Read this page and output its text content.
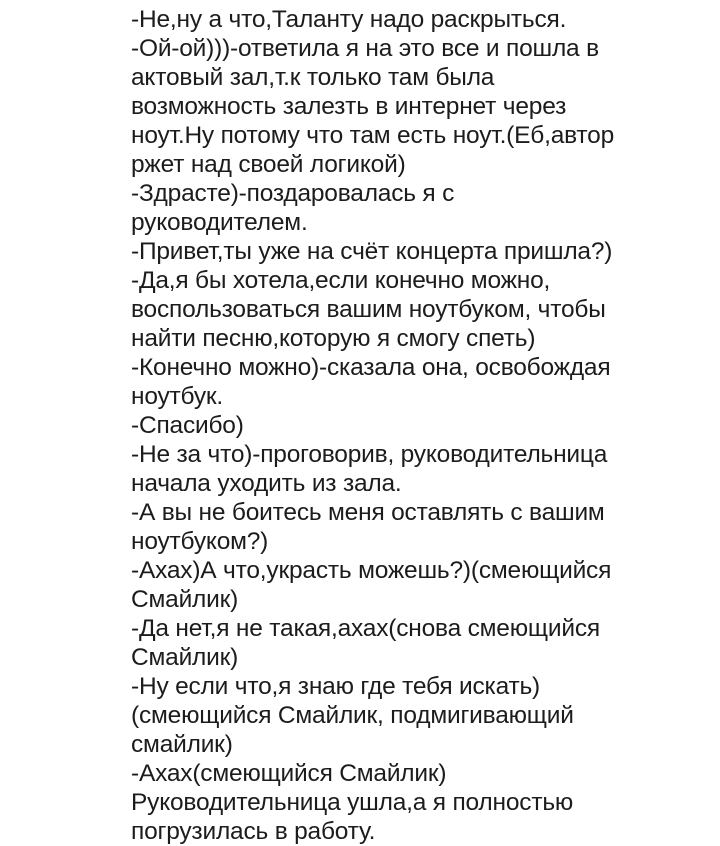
-Не,ну а что,Таланту надо раскрыться.
-Ой-ой)))-ответила я на это все и пошла в
актовый зал,т.к только там была
возможность залезть в интернет через
ноут.Ну потому что там есть ноут.(Еб,автор
ржет над своей логикой)
-Здрасте)-поздаровалась я с
руководителем.
-Привет,ты уже на счёт концерта пришла?)
-Да,я бы хотела,если конечно можно,
воспользоваться вашим ноутбуком, чтобы
найти песню,которую я смогу спеть)
-Конечно можно)-сказала она, освобождая
ноутбук.
-Спасибо)
-Не за что)-проговорив, руководительница
начала уходить из зала.
-А вы не боитесь меня оставлять с вашим
ноутбуком?)
-Ахах)А что,украсть можешь?)(смеющийся
Смайлик)
-Да нет,я не такая,ахах(снова смеющийся
Смайлик)
-Ну если что,я знаю где тебя искать)
(смеющийся Смайлик, подмигивающий
смайлик)
-Ахах(смеющийся Смайлик)
Руководительница ушла,а я полностью
погрузилась в работу.
